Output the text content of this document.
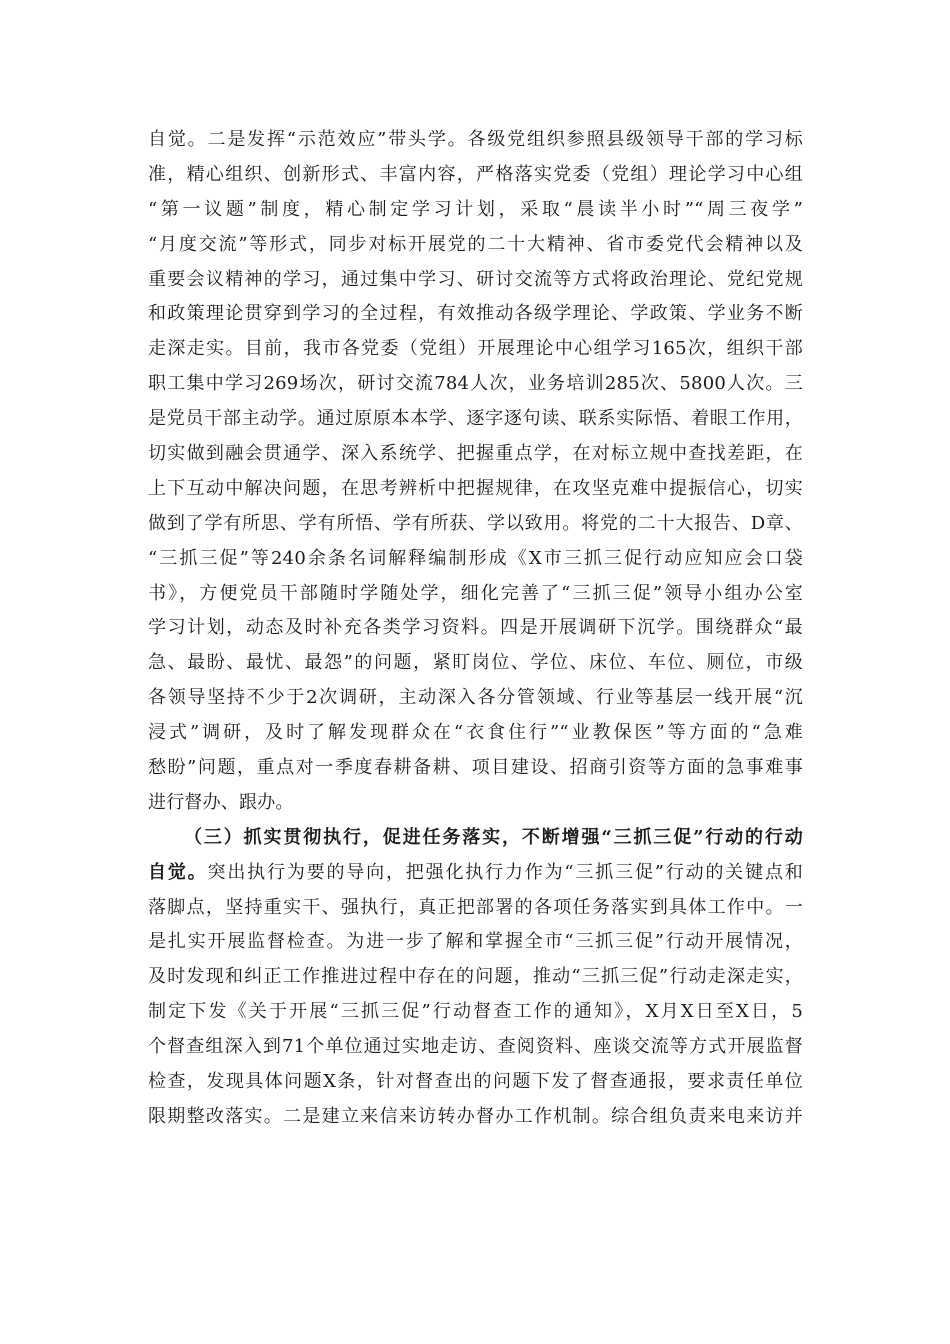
自觉。二是发挥“示范效应”带头学。各级党组织参照县级领导干部的学习标
准，精心组织、创新形式、丰富内容，严格落实党委（党组）理论学习中心组
“第一议题”制度，精心制定学习计划，采取“晨读半小时”“周三夜学”
“月度交流”等形式，同步对标开展党的二十大精神、省市委党代会精神以及
重要会议精神的学习，通过集中学习、研讨交流等方式将政治理论、党纪党规
和政策理论贯穿到学习的全过程，有效推动各级学理论、学政策、学业务不断
走深走实。目前，我市各党委（党组）开展理论中心组学习165次，组织干部
职工集中学习269场次，研讨交流784人次，业务培训285次、5800人次。三
是党员干部主动学。通过原原本本学、逐字逐句读、联系实际悟、着眼工作用，
切实做到融会贯通学、深入系统学、把握重点学，在对标立规中查找差距，在
上下互动中解决问题，在思考辨析中把握规律，在攻坚克难中提振信心，切实
做到了学有所思、学有所悟、学有所获、学以致用。将党的二十大报告、D章、
“三抓三促”等240余条名词解释编制形成《X市三抓三促行动应知应会口袋
书》，方便党员干部随时学随处学，细化完善了“三抓三促”领导小组办公室
学习计划，动态及时补充各类学习资料。四是开展调研下沉学。围绕群众“最
急、最盼、最忧、最怨”的问题，紧盯岗位、学位、床位、车位、厕位，市级
各领导坚持不少于2次调研，主动深入各分管领域、行业等基层一线开展“沉
浸式”调研，及时了解发现群众在“衣食住行”“业教保医”等方面的“急难
愁盼”问题，重点对一季度春耕备耕、项目建设、招商引资等方面的急事难事
进行督办、跟办。
（三）抓实贯彻执行，促进任务落实，不断增强“三抓三促”行动的行动
自觉。突出执行为要的导向，把强化执行力作为“三抓三促”行动的关键点和
落脚点，坚持重实干、强执行，真正把部署的各项任务落实到具体工作中。一
是扎实开展监督检查。为进一步了解和掌握全市“三抓三促”行动开展情况，
及时发现和纠正工作推进过程中存在的问题，推动“三抓三促”行动走深走实，
制定下发《关于开展“三抓三促”行动督查工作的通知》，X月X日至X日，5
个督查组深入到71个单位通过实地走访、查阅资料、座谈交流等方式开展监督
检查，发现具体问题X条，针对督查出的问题下发了督查通报，要求责任单位
限期整改落实。二是建立来信来访转办督办工作机制。综合组负责来电来访并
